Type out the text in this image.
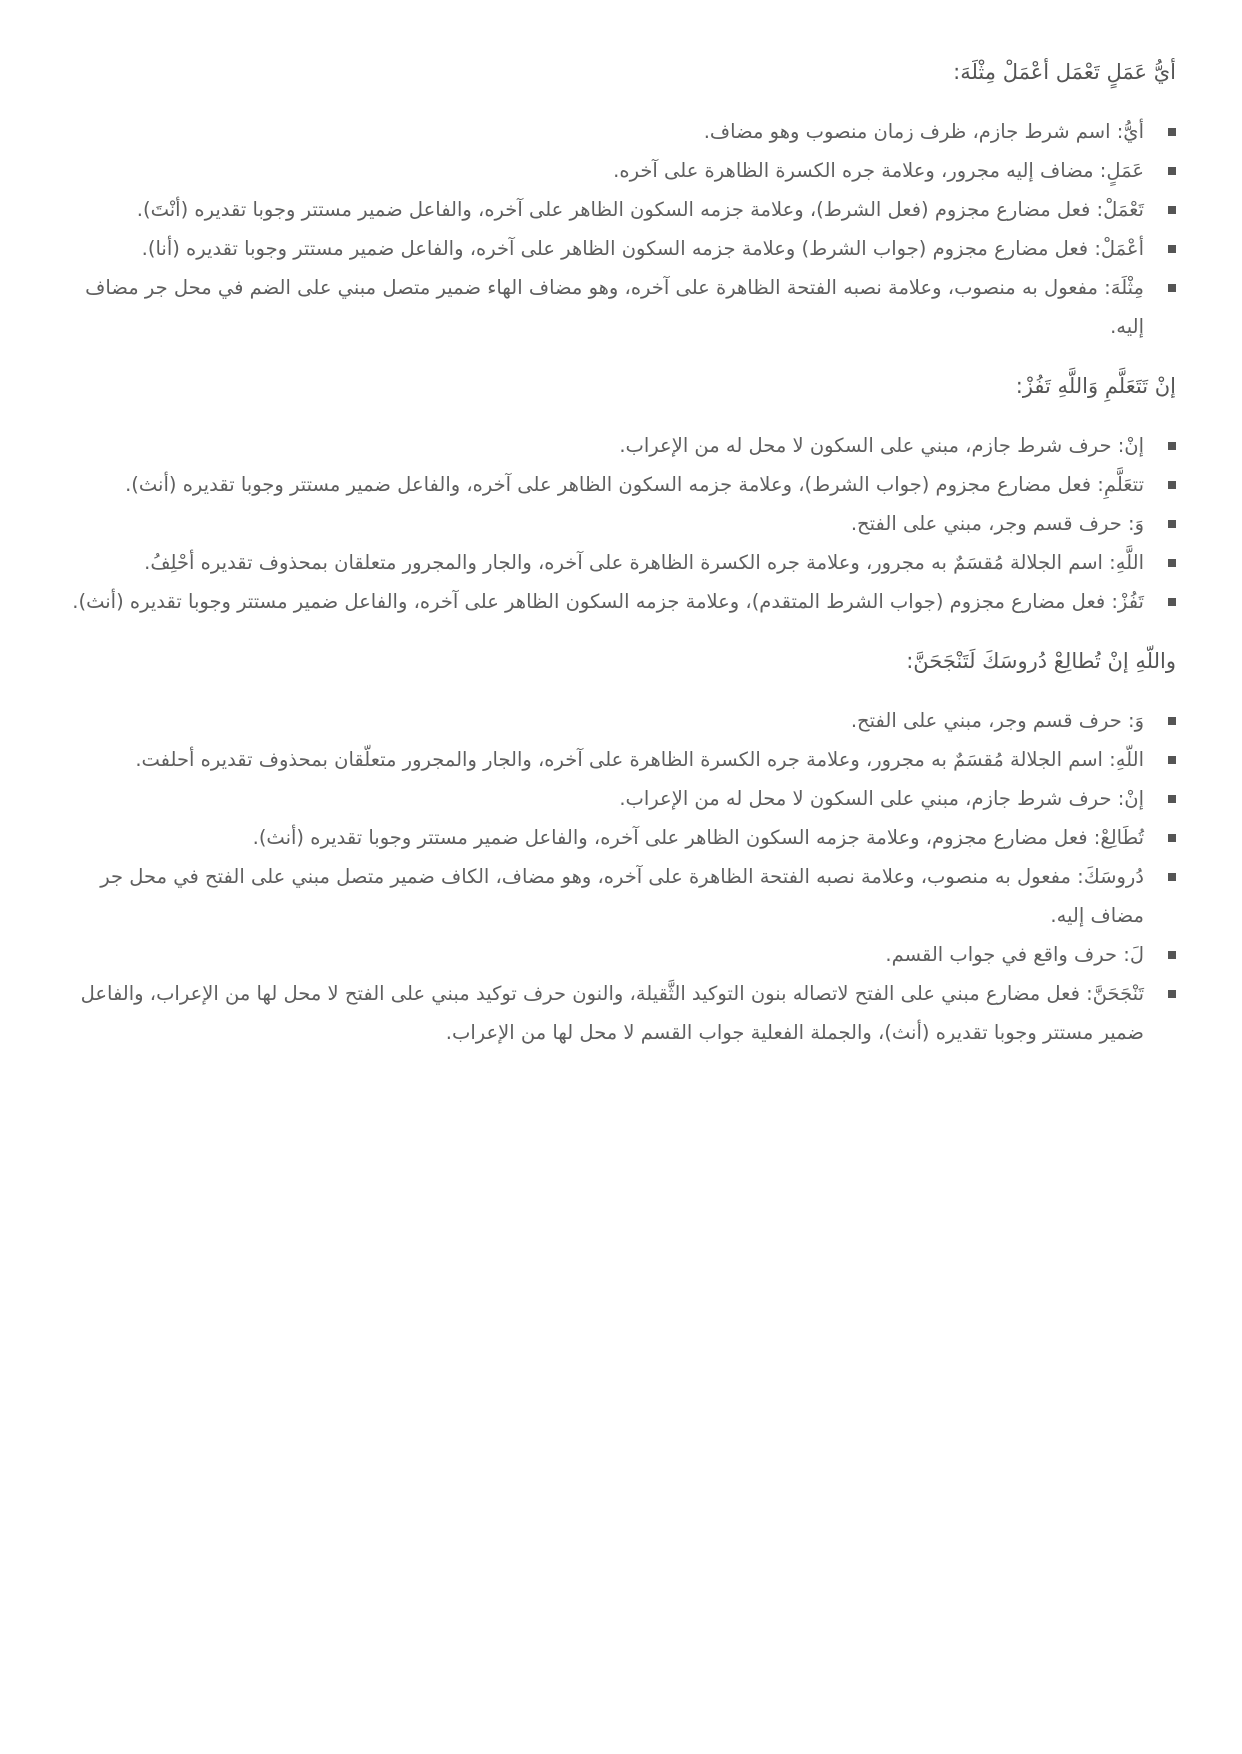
أيُّ عَمَلٍ تَعْمَل أعْمَلْ مِثْلَهَ:
أيُّ: اسم شرط جازم، ظرف زمان منصوب وهو مضاف.
عَمَلٍ: مضاف إليه مجرور، وعلامة جره الكسرة الظاهرة على آخره.
تَعْمَلْ: فعل مضارع مجزوم (فعل الشرط)، وعلامة جزمه السكون الظاهر على آخره، والفاعل ضمير مستتر وجوبا تقديره (أنْتَ).
أعْمَلْ: فعل مضارع مجزوم (جواب الشرط) وعلامة جزمه السكون الظاهر على آخره، والفاعل ضمير مستتر وجوبا تقديره (أنا).
مِثْلَهَ: مفعول به منصوب، وعلامة نصبه الفتحة الظاهرة على آخره، وهو مضاف الهاء ضمير متصل مبني على الضم في محل جر مضاف إليه.
إنْ تَتَعَلَّمِ وَاللَّهِ تَفُزْ:
إنْ: حرف شرط جازم، مبني على السكون لا محل له من الإعراب.
تتعَلَّمِ: فعل مضارع مجزوم (جواب الشرط)، وعلامة جزمه السكون الظاهر على آخره، والفاعل ضمير مستتر وجوبا تقديره (أنث).
وَ: حرف قسم وجر، مبني على الفتح.
اللَّهِ: اسم الجلالة مُقسَمٌ به مجرور، وعلامة جره الكسرة الظاهرة على آخره، والجار والمجرور متعلقان بمحذوف تقديره أحْلِفُ.
تَفُزْ: فعل مضارع مجزوم (جواب الشرط المتقدم)، وعلامة جزمه السكون الظاهر على آخره، والفاعل ضمير مستتر وجوبا تقديره (أنث).
واللّهِ إنْ تُطالِعْ دُروسَكَ لَتَنْجَحَنَّ:
وَ: حرف قسم وجر، مبني على الفتح.
اللّهِ: اسم الجلالة مُقسَمٌ به مجرور، وعلامة جره الكسرة الظاهرة على آخره، والجار والمجرور متعلّقان بمحذوف تقديره أحلفت.
إنْ: حرف شرط جازم، مبني على السكون لا محل له من الإعراب.
تُطَالِعْ: فعل مضارع مجزوم، وعلامة جزمه السكون الظاهر على آخره، والفاعل ضمير مستتر وجوبا تقديره (أنث).
دُروسَكَ: مفعول به منصوب، وعلامة نصبه الفتحة الظاهرة على آخره، وهو مضاف، الكاف ضمير متصل مبني على الفتح في محل جر مضاف إليه.
لَ: حرف واقع في جواب القسم.
تَنْجَحَنَّ: فعل مضارع مبني على الفتح لاتصاله بنون التوكيد الثَّقيلة، والنون حرف توكيد مبني على الفتح لا محل لها من الإعراب، والفاعل ضمير مستتر وجوبا تقديره (أنث)، والجملة الفعلية جواب القسم لا محل لها من الإعراب.
